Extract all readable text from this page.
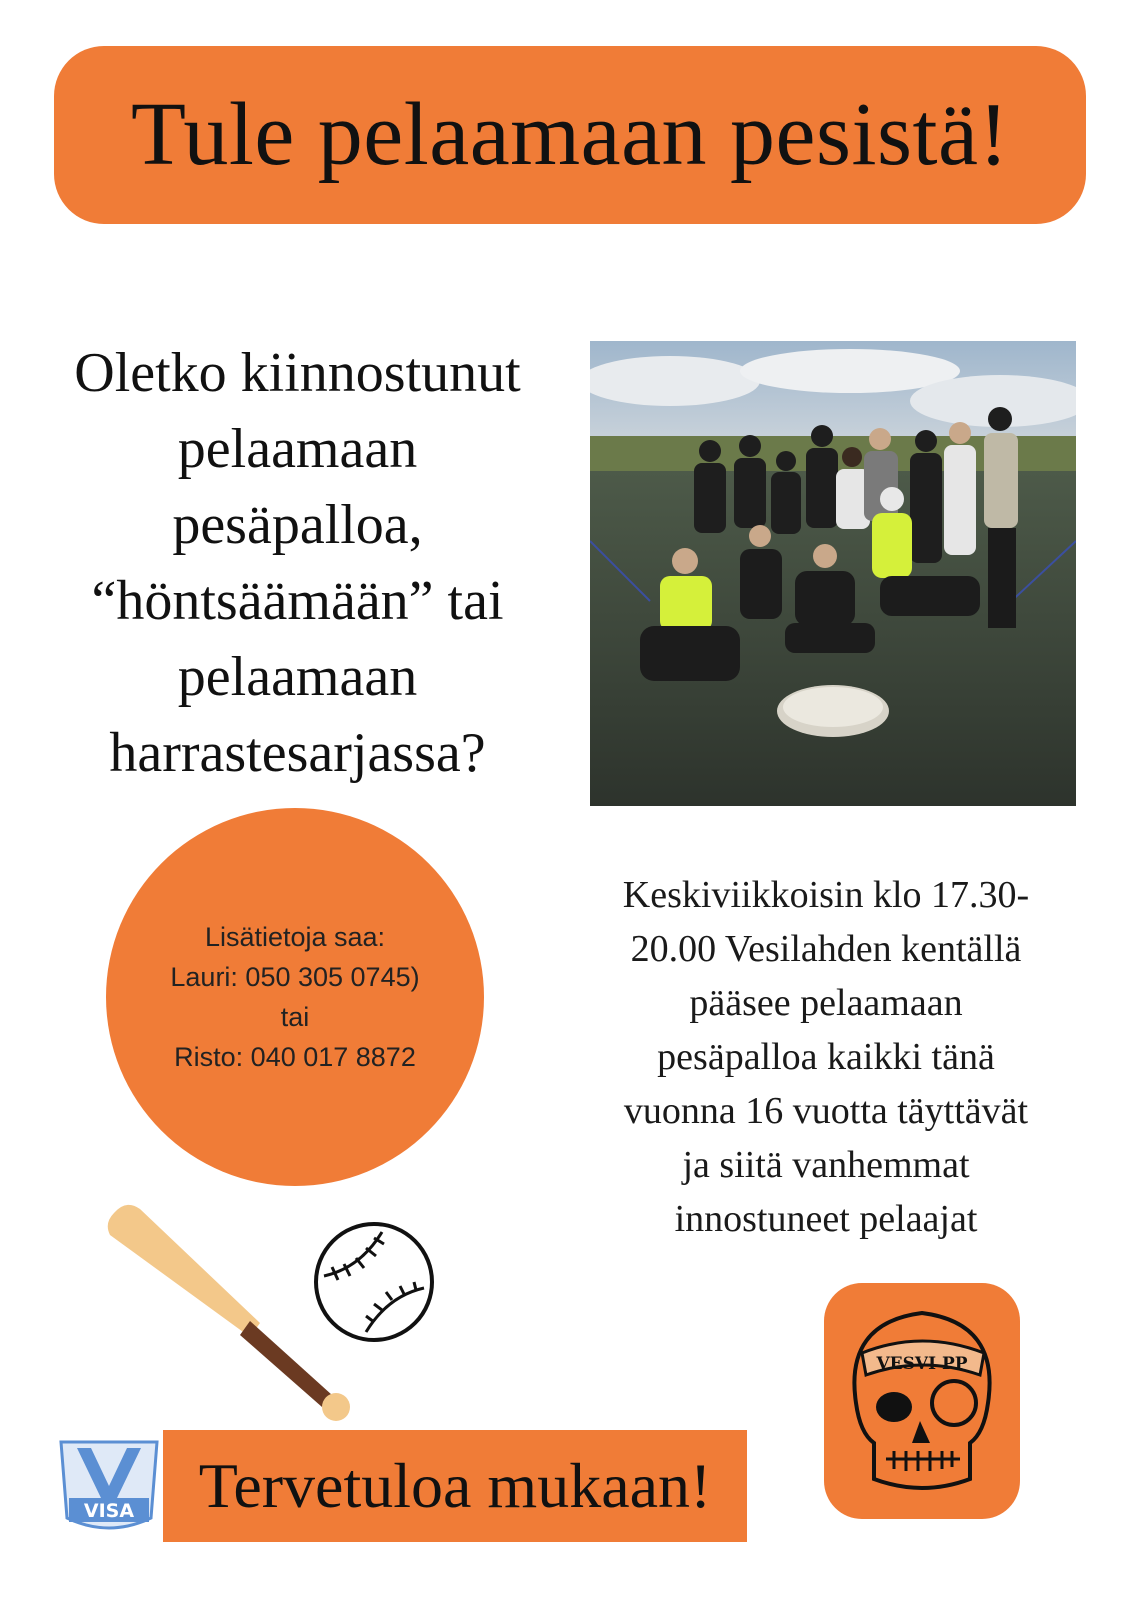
Tule pelaamaan pesistä!
Oletko kiinnostunut
pelaamaan
pesäpalloa,
“höntsäämään” tai
pelaamaan
harrastesarjassa?
Lisätietoja saa:
Lauri: 050 305 0745)
tai
Risto: 040 017 8872
Keskiviikkoisin klo 17.30-
20.00 Vesilahden kentällä
pääsee pelaamaan
pesäpalloa kaikki tänä
vuonna 16 vuotta täyttävät
ja siitä vanhemmat
innostuneet pelaajat
VISA Tervetuloa mukaan!
VESVI PP
